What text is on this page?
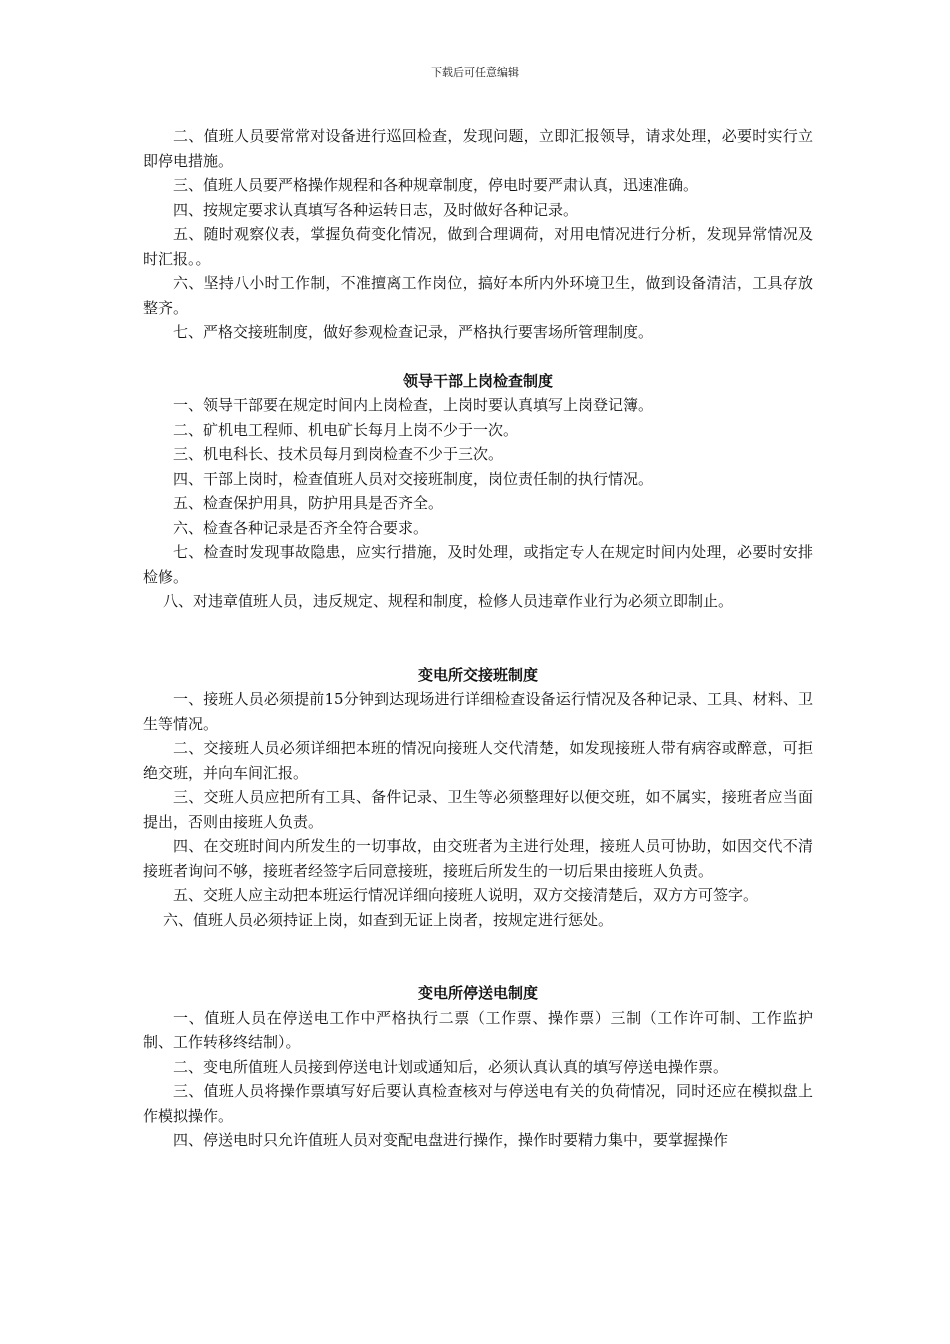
下载后可任意编辑

二、值班人员要常常对设备进行巡回检查，发现问题，立即汇报领导，请求处理，必要时实行立即停电措施。

三、值班人员要严格操作规程和各种规章制度，停电时要严肃认真，迅速准确。

四、按规定要求认真填写各种运转日志，及时做好各种记录。

五、随时观察仪表，掌握负荷变化情况，做到合理调荷，对用电情况进行分析，发现异常情况及时汇报。。

六、坚持八小时工作制，不准擅离工作岗位，搞好本所内外环境卫生，做到设备清洁，工具存放整齐。

七、严格交接班制度，做好参观检查记录，严格执行要害场所管理制度。

领导干部上岗检查制度

一、领导干部要在规定时间内上岗检查，上岗时要认真填写上岗登记簿。

二、矿机电工程师、机电矿长每月上岗不少于一次。

三、机电科长、技术员每月到岗检查不少于三次。

四、干部上岗时，检查值班人员对交接班制度，岗位责任制的执行情况。

五、检查保护用具，防护用具是否齐全。

六、检查各种记录是否齐全符合要求。

七、检查时发现事故隐患，应实行措施，及时处理，或指定专人在规定时间内处理，必要时安排检修。

八、对违章值班人员，违反规定、规程和制度，检修人员违章作业行为必须立即制止。

变电所交接班制度

一、接班人员必须提前15分钟到达现场进行详细检查设备运行情况及各种记录、工具、材料、卫生等情况。

二、交接班人员必须详细把本班的情况向接班人交代清楚，如发现接班人带有病容或醉意，可拒绝交班，并向车间汇报。

三、交班人员应把所有工具、备件记录、卫生等必须整理好以便交班，如不属实，接班者应当面提出，否则由接班人负责。

四、在交班时间内所发生的一切事故，由交班者为主进行处理，接班人员可协助，如因交代不清接班者询问不够，接班者经签字后同意接班，接班后所发生的一切后果由接班人负责。

五、交班人应主动把本班运行情况详细向接班人说明，双方交接清楚后，双方方可签字。

六、值班人员必须持证上岗，如查到无证上岗者，按规定进行惩处。

变电所停送电制度

一、值班人员在停送电工作中严格执行二票（工作票、操作票）三制（工作许可制、工作监护制、工作转移终结制）。

二、变电所值班人员接到停送电计划或通知后，必须认真认真的填写停送电操作票。

三、值班人员将操作票填写好后要认真检查核对与停送电有关的负荷情况，同时还应在模拟盘上作模拟操作。

四、停送电时只允许值班人员对变配电盘进行操作，操作时要精力集中，要掌握操作
